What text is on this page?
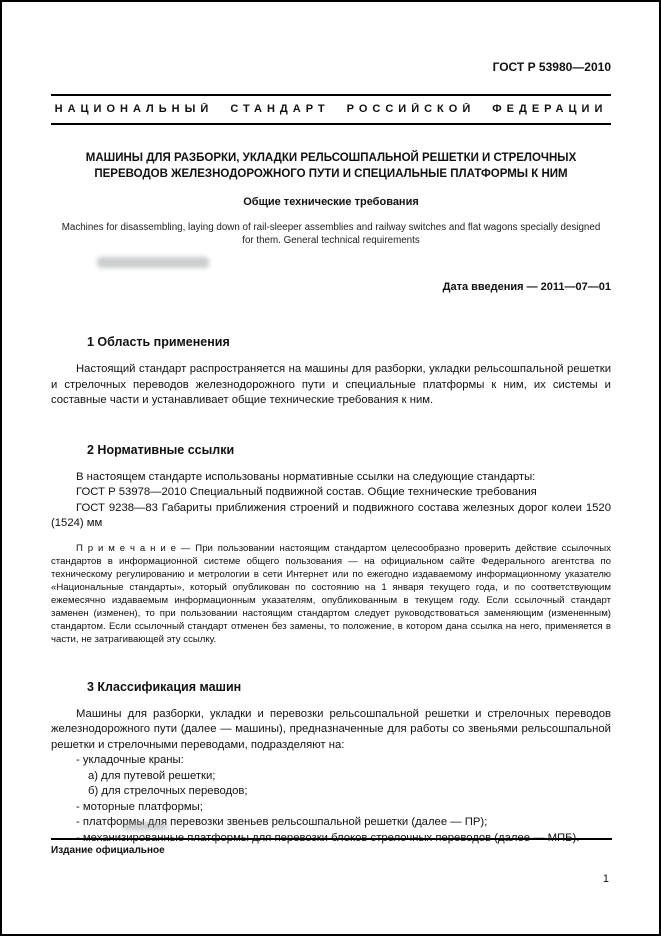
ГОСТ Р 53980—2010
НАЦИОНАЛЬНЫЙ СТАНДАРТ РОССИЙСКОЙ ФЕДЕРАЦИИ
МАШИНЫ ДЛЯ РАЗБОРКИ, УКЛАДКИ РЕЛЬСОШПАЛЬНОЙ РЕШЕТКИ И СТРЕЛОЧНЫХ ПЕРЕВОДОВ ЖЕЛЕЗНОДОРОЖНОГО ПУТИ И СПЕЦИАЛЬНЫЕ ПЛАТФОРМЫ К НИМ
Общие технические требования
Machines for disassembling, laying down of rail-sleeper assemblies and railway switches and flat wagons specially designed for them. General technical requirements
Дата введения — 2011—07—01
1 Область применения

Настоящий стандарт распространяется на машины для разборки, укладки рельсошпальной решетки и стрелочных переводов железнодорожного пути и специальные платформы к ним, их системы и составные части и устанавливает общие технические требования к ним.

2 Нормативные ссылки

В настоящем стандарте использованы нормативные ссылки на следующие стандарты:

ГОСТ Р 53978—2010 Специальный подвижной состав. Общие технические требования

ГОСТ 9238—83 Габариты приближения строений и подвижного состава железных дорог колеи 1520 (1524) мм

П р и м е ч а н и е — При пользовании настоящим стандартом целесообразно проверить действие ссылочных стандартов в информационной системе общего пользования — на официальном сайте Федерального агентства по техническому регулированию и метрологии в сети Интернет или по ежегодно издаваемому информационному указателю «Национальные стандарты», который опубликован по состоянию на 1 января текущего года, и по соответствующим ежемесячно издаваемым информационным указателям, опубликованным в текущем году. Если ссылочный стандарт заменен (изменен), то при пользовании настоящим стандартом следует руководствоваться заменяющим (измененным) стандартом. Если ссылочный стандарт отменен без замены, то положение, в котором дана ссылка на него, применяется в части, не затрагивающей эту ссылку.

3 Классификация машин

Машины для разборки, укладки и перевозки рельсошпальной решетки и стрелочных переводов железнодорожного пути (далее — машины), предназначенные для работы со звеньями рельсошпальной решетки и стрелочными переводами, подразделяют на:

- укладочные краны:
а) для путевой решетки;
б) для стрелочных переводов;
- моторные платформы;
- платформы для перевозки звеньев рельсошпальной решетки (далее — ПР);
- механизированные платформы для перевозки блоков стрелочных переводов (далее — МПБ).
Издание официальное
1
